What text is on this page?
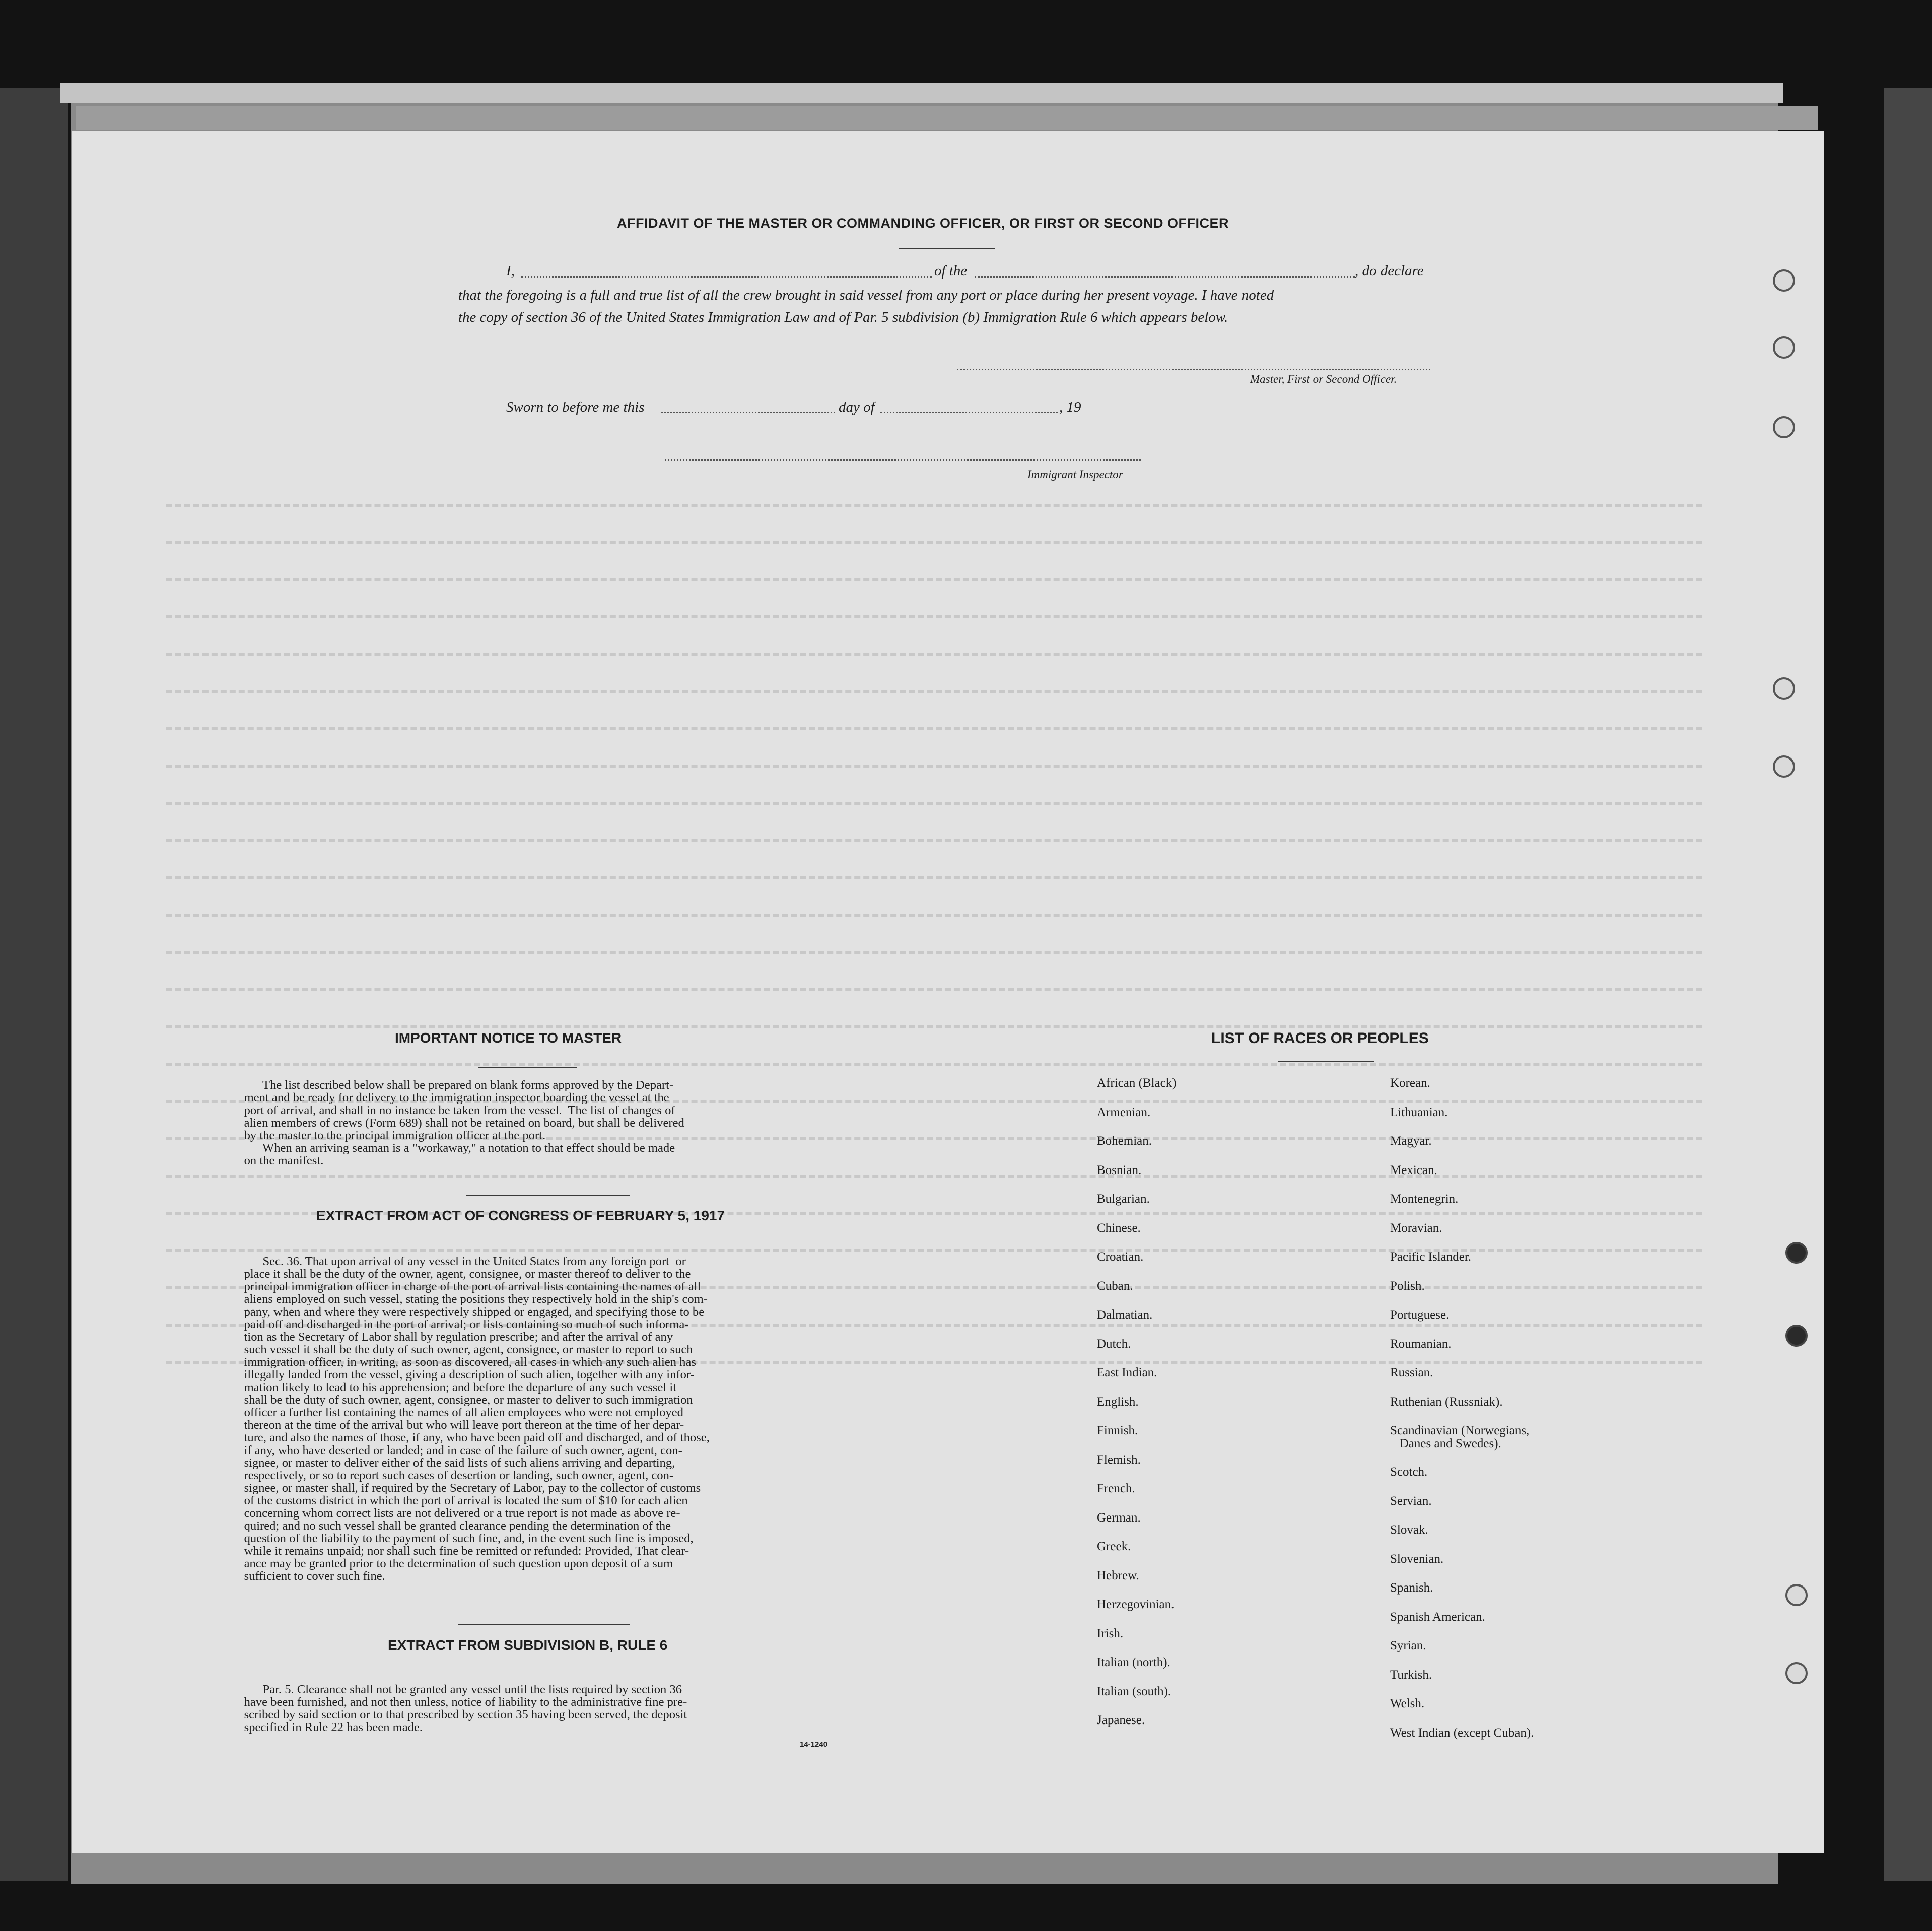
AFFIDAVIT OF THE MASTER OR COMMANDING OFFICER, OR FIRST OR SECOND OFFICER
I,	of the	, do declare
that the foregoing is a full and true list of all the crew brought in said vessel from any port or place during her present voyage. I have noted
the copy of section 36 of the United States Immigration Law and of Par. 5 subdivision (b) Immigration Rule 6 which appears below.
Master, First or Second Officer.
Sworn to before me this	day of	, 19
Immigrant Inspector
IMPORTANT NOTICE TO MASTER
The list described below shall be prepared on blank forms approved by the Depart-
ment and be ready for delivery to the immigration inspector boarding the vessel at the
port of arrival, and shall in no instance be taken from the vessel.  The list of changes of
alien members of crews (Form 689) shall not be retained on board, but shall be delivered
by the master to the principal immigration officer at the port.
When an arriving seaman is a "workaway," a notation to that effect should be made
on the manifest.
EXTRACT FROM ACT OF CONGRESS OF FEBRUARY 5, 1917
Sec. 36. That upon arrival of any vessel in the United States from any foreign port  or
place it shall be the duty of the owner, agent, consignee, or master thereof to deliver to the
principal immigration officer in charge of the port of arrival lists containing the names of all
aliens employed on such vessel, stating the positions they respectively hold in the ship's com-
pany, when and where they were respectively shipped or engaged, and specifying those to be
paid off and discharged in the port of arrival; or lists containing so much of such informa-
tion as the Secretary of Labor shall by regulation prescribe; and after the arrival of any
such vessel it shall be the duty of such owner, agent, consignee, or master to report to such
immigration officer, in writing, as soon as discovered, all cases in which any such alien has
illegally landed from the vessel, giving a description of such alien, together with any infor-
mation likely to lead to his apprehension; and before the departure of any such vessel it
shall be the duty of such owner, agent, consignee, or master to deliver to such immigration
officer a further list containing the names of all alien employees who were not employed
thereon at the time of the arrival but who will leave port thereon at the time of her depar-
ture, and also the names of those, if any, who have been paid off and discharged, and of those,
if any, who have deserted or landed; and in case of the failure of such owner, agent, con-
signee, or master to deliver either of the said lists of such aliens arriving and departing,
respectively, or so to report such cases of desertion or landing, such owner, agent, con-
signee, or master shall, if required by the Secretary of Labor, pay to the collector of customs
of the customs district in which the port of arrival is located the sum of $10 for each alien
concerning whom correct lists are not delivered or a true report is not made as above re-
quired; and no such vessel shall be granted clearance pending the determination of the
question of the liability to the payment of such fine, and, in the event such fine is imposed,
while it remains unpaid; nor shall such fine be remitted or refunded: Provided, That clear-
ance may be granted prior to the determination of such question upon deposit of a sum
sufficient to cover such fine.
EXTRACT FROM SUBDIVISION B, RULE 6
Par. 5. Clearance shall not be granted any vessel until the lists required by section 36
have been furnished, and not then unless, notice of liability to the administrative fine pre-
scribed by said section or to that prescribed by section 35 having been served, the deposit
specified in Rule 22 has been made.
14-1240
LIST OF RACES OR PEOPLES
African (Black)
Armenian.
Bohemian.
Bosnian.
Bulgarian.
Chinese.
Croatian.
Cuban.
Dalmatian.
Dutch.
East Indian.
English.
Finnish.
Flemish.
French.
German.
Greek.
Hebrew.
Herzegovinian.
Irish.
Italian (north).
Italian (south).
Japanese.
Korean.
Lithuanian.
Magyar.
Mexican.
Montenegrin.
Moravian.
Pacific Islander.
Polish.
Portuguese.
Roumanian.
Russian.
Ruthenian (Russniak).
Scandinavian (Norwegians,
Danes and Swedes).
Scotch.
Servian.
Slovak.
Slovenian.
Spanish.
Spanish American.
Syrian.
Turkish.
Welsh.
West Indian (except Cuban).
